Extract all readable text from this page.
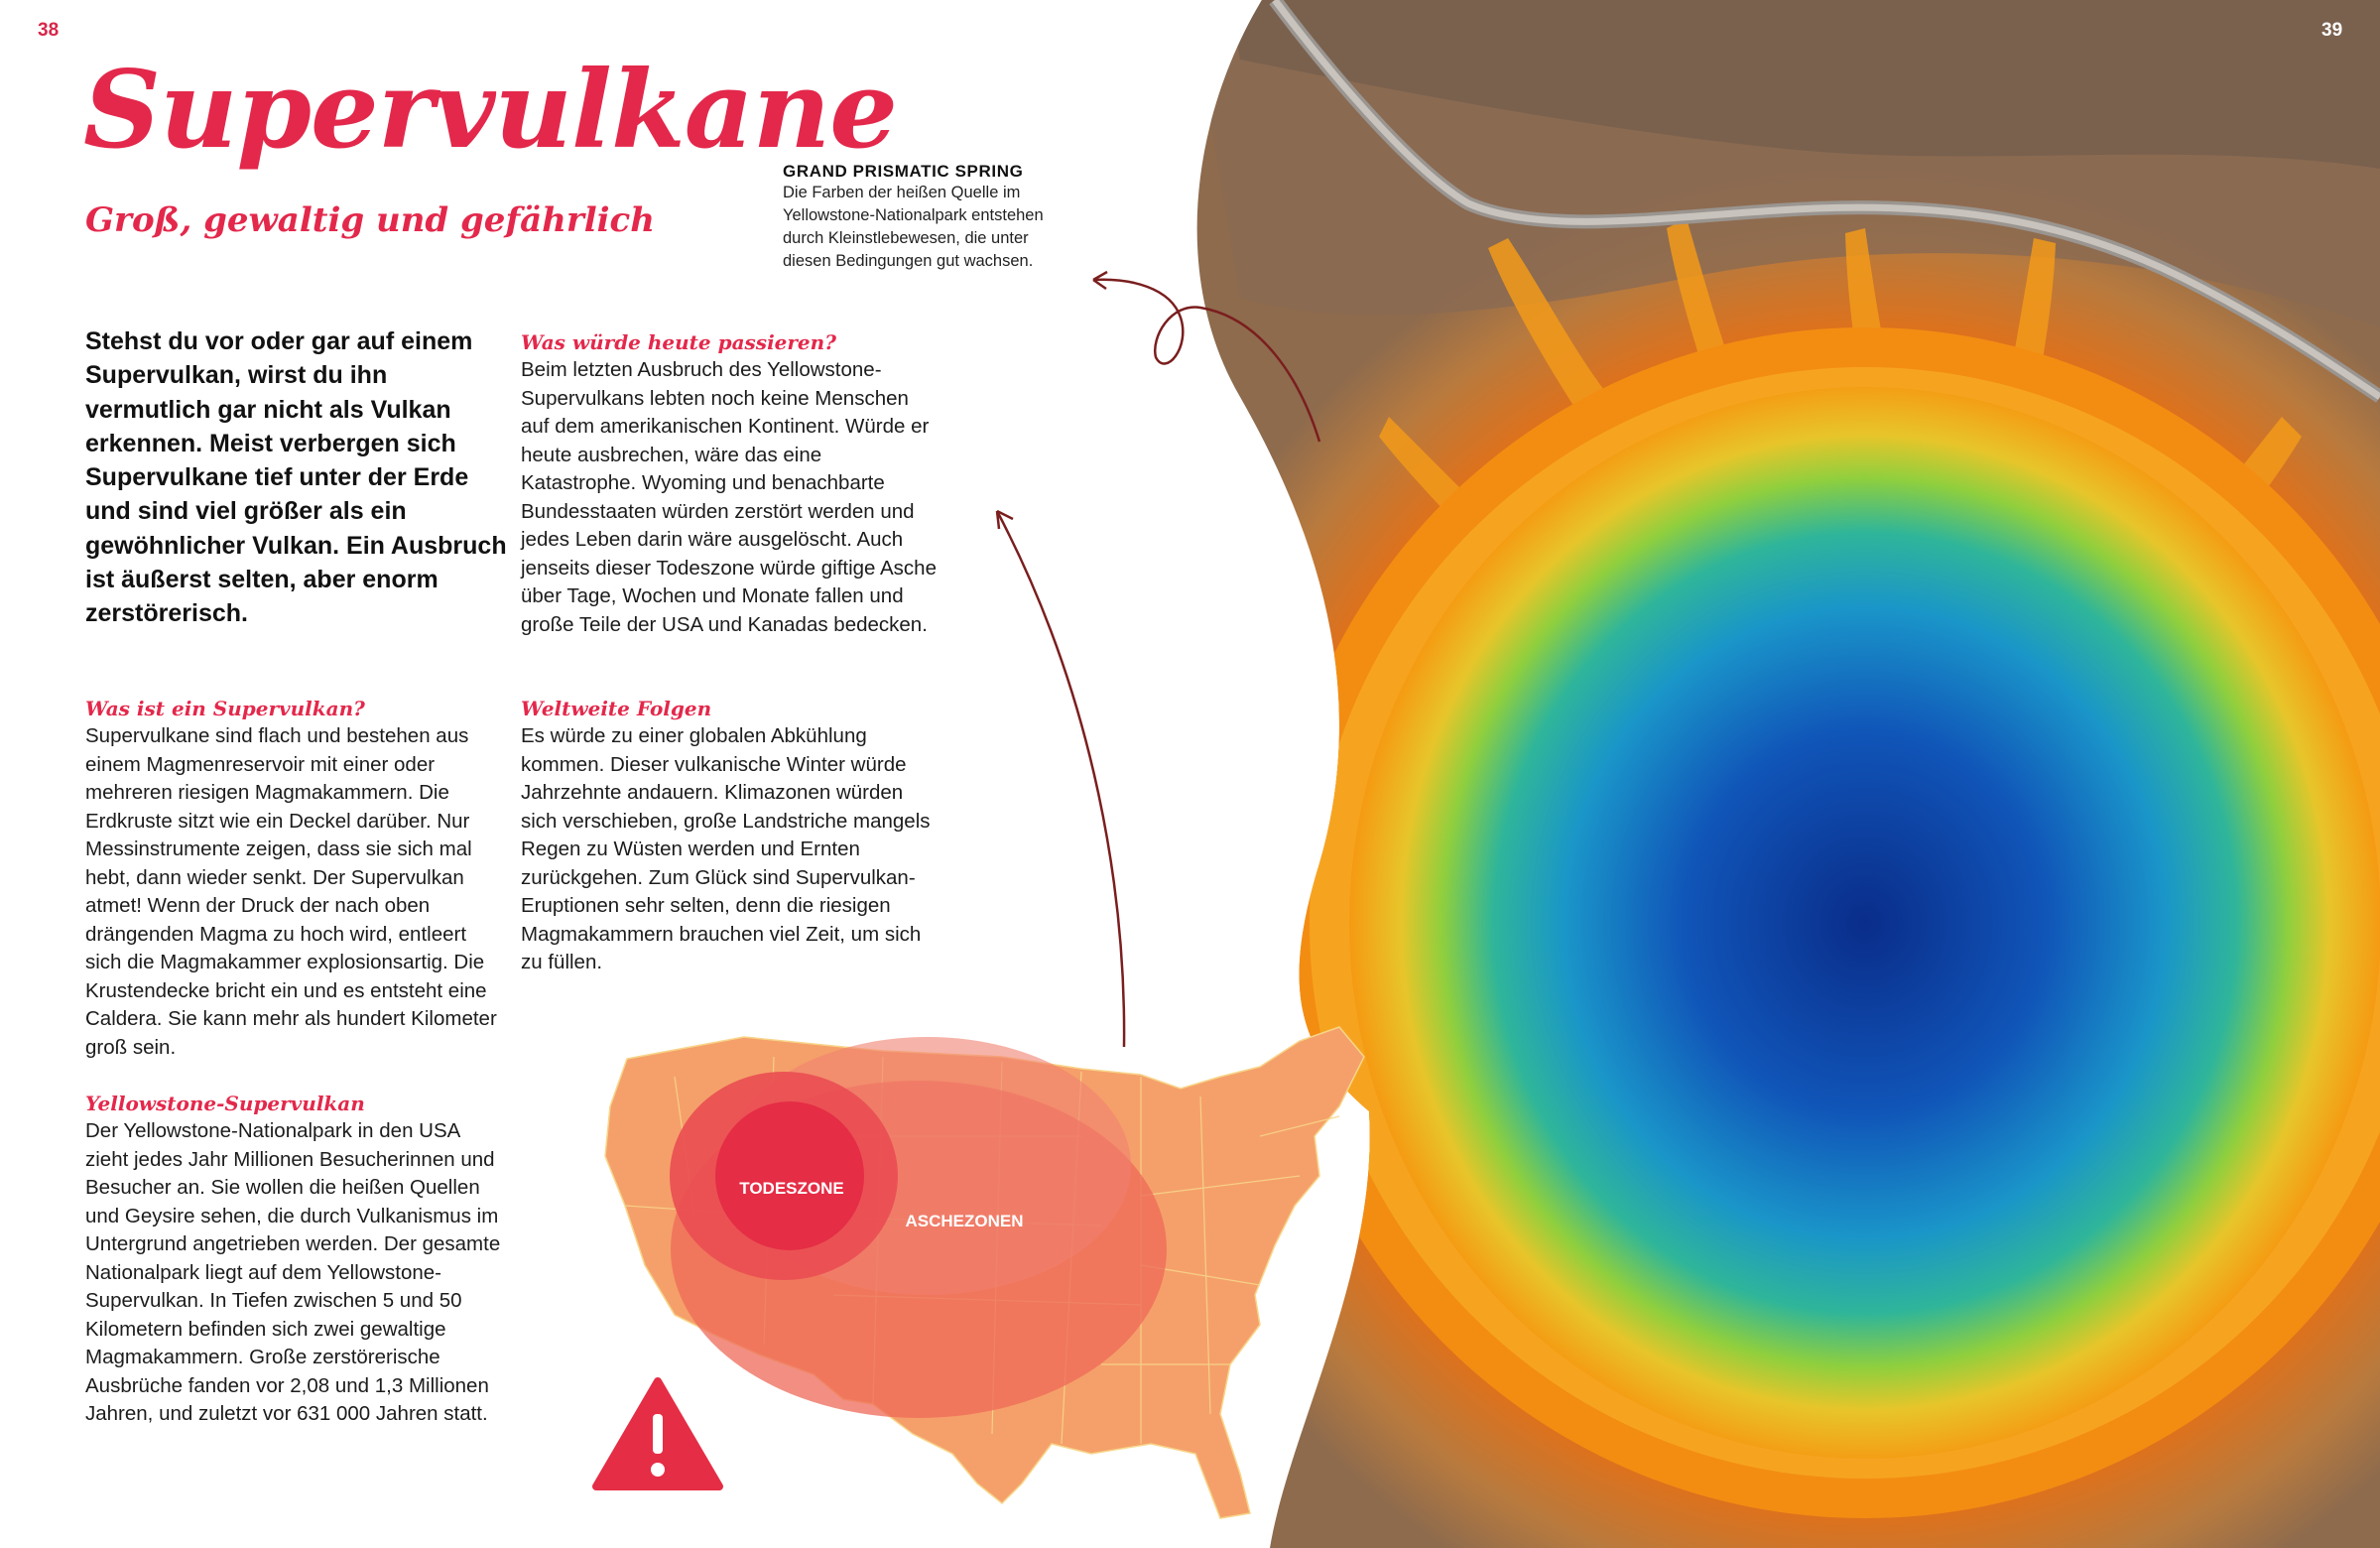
38	39
Supervulkane
Groß, gewaltig und gefährlich
Stehst du vor oder gar auf einem Supervulkan, wirst du ihn vermutlich gar nicht als Vulkan erkennen. Meist verbergen sich Supervulkane tief unter der Erde und sind viel größer als ein gewöhnlicher Vulkan. Ein Ausbruch ist äußerst selten, aber enorm zerstörerisch.
Was ist ein Supervulkan?
Supervulkane sind flach und bestehen aus einem Magmenreservoir mit einer oder mehreren riesigen Magmakammern. Die Erdkruste sitzt wie ein Deckel darüber. Nur Messinstrumente zeigen, dass sie sich mal hebt, dann wieder senkt. Der Supervulkan atmet! Wenn der Druck der nach oben drängenden Magma zu hoch wird, entleert sich die Magmakammer explosionsartig. Die Krustendecke bricht ein und es entsteht eine Caldera. Sie kann mehr als hundert Kilometer groß sein.
Yellowstone-Supervulkan
Der Yellowstone-Nationalpark in den USA zieht jedes Jahr Millionen Besucherinnen und Besucher an. Sie wollen die heißen Quellen und Geysire sehen, die durch Vulkanismus im Untergrund angetrieben werden. Der gesamte Nationalpark liegt auf dem Yellowstone-Supervulkan. In Tiefen zwischen 5 und 50 Kilometern befinden sich zwei gewaltige Magmakammern. Große zerstörerische Ausbrüche fanden vor 2,08 und 1,3 Millionen Jahren, und zuletzt vor 631 000 Jahren statt.
Was würde heute passieren?
Beim letzten Ausbruch des Yellowstone-Supervulkans lebten noch keine Menschen auf dem amerikanischen Kontinent. Würde er heute ausbrechen, wäre das eine Katastrophe. Wyoming und benachbarte Bundesstaaten würden zerstört werden und jedes Leben darin wäre ausgelöscht. Auch jenseits dieser Todeszone würde giftige Asche über Tage, Wochen und Monate fallen und große Teile der USA und Kanadas bedecken.
Weltweite Folgen
Es würde zu einer globalen Abkühlung kommen. Dieser vulkanische Winter würde Jahrzehnte andauern. Klimazonen würden sich verschieben, große Landstriche mangels Regen zu Wüsten werden und Ernten zurückgehen. Zum Glück sind Supervulkan-Eruptionen sehr selten, denn die riesigen Magmakammern brauchen viel Zeit, um sich zu füllen.
GRAND PRISMATIC SPRING
Die Farben der heißen Quelle im Yellowstone-Nationalpark entstehen durch Kleinstlebewesen, die unter diesen Bedingungen gut wachsen.
TODESZONE
ASCHEZONEN
